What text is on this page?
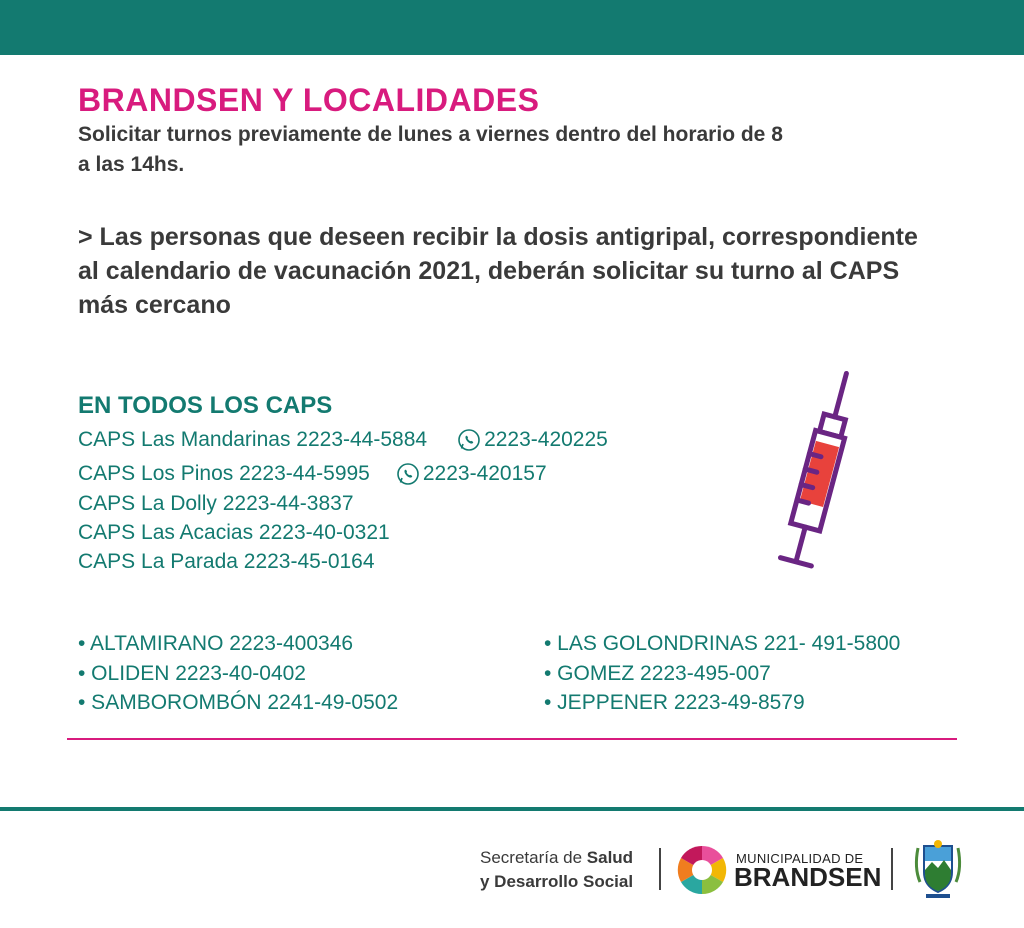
BRANDSEN Y LOCALIDADES
Solicitar turnos previamente de lunes a viernes dentro del horario de 8 a las 14hs.
> Las personas que deseen recibir la dosis antigripal, correspondiente al calendario de vacunación 2021, deberán solicitar su turno al CAPS más cercano
EN TODOS LOS CAPS
CAPS Las Mandarinas 2223-44-5884	2223-420225
CAPS Los Pinos 2223-44-5995	2223-420157
CAPS La Dolly 2223-44-3837
CAPS Las Acacias 2223-40-0321
CAPS La Parada 2223-45-0164
• ALTAMIRANO 2223-400346
• OLIDEN 2223-40-0402
• SAMBOROMBÓN 2241-49-0502
• LAS GOLONDRINAS 221- 491-5800
• GOMEZ 2223-495-007
• JEPPENER 2223-49-8579
Secretaría de Salud
y Desarrollo Social
MUNICIPALIDAD DE
BRANDSEN
